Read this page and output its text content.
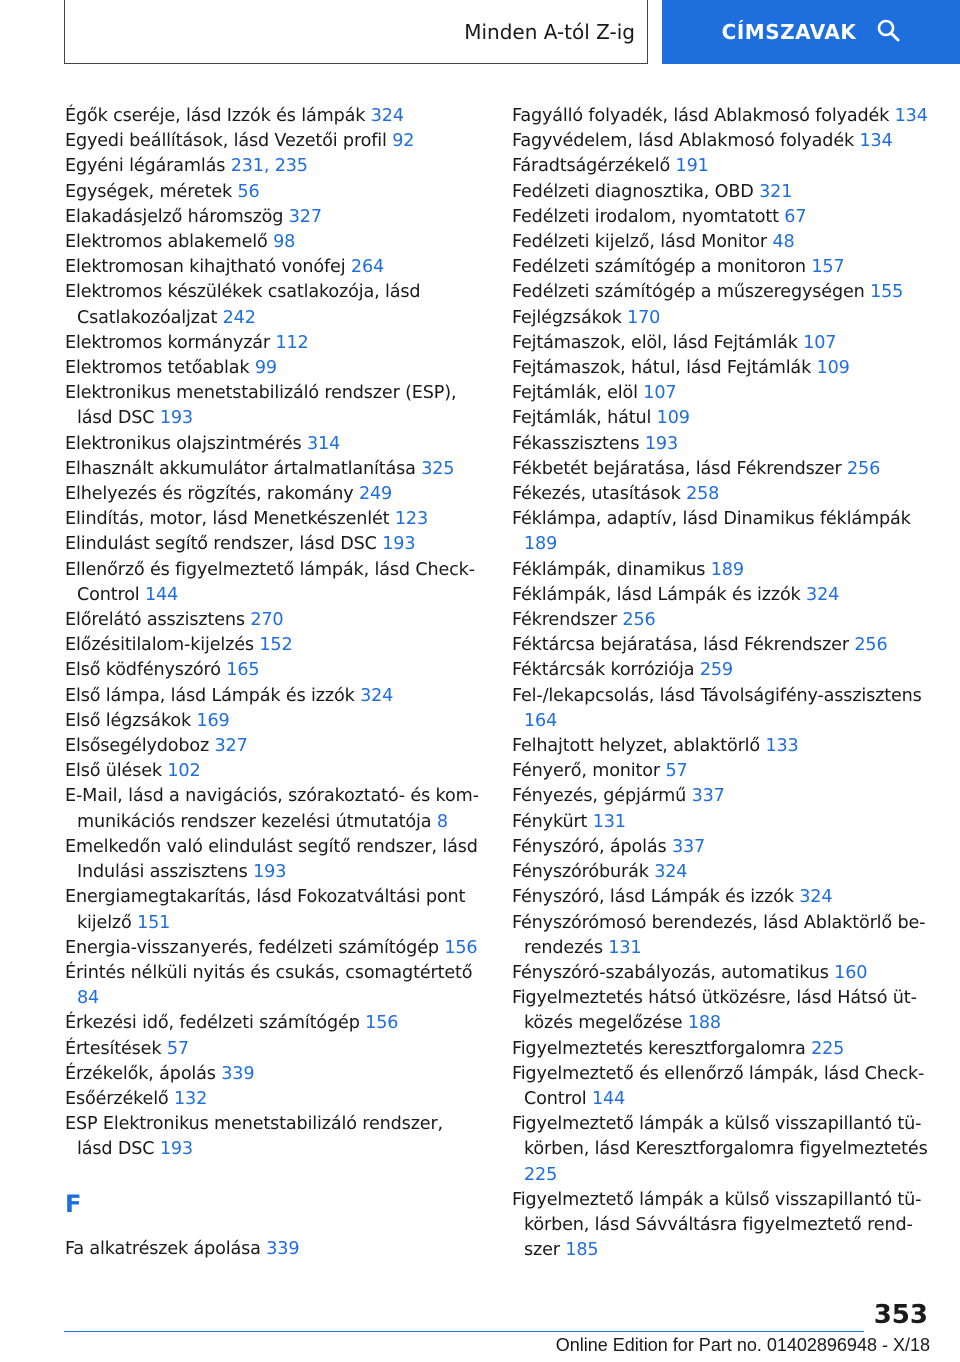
Minden A-tól Z-ig	CÍMSZAVAK
Égők cseréje, lásd Izzók és lámpák 324
Egyedi beállítások, lásd Vezetői profil 92
Egyéni légáramlás 231, 235
Egységek, méretek 56
Elakadásjelző háromszög 327
Elektromos ablakemelő 98
Elektromosan kihajtható vonófej 264
Elektromos készülékek csatlakozója, lásd Csatlakozóaljzat 242
Elektromos kormányzár 112
Elektromos tetőablak 99
Elektronikus menetstabilizáló rendszer (ESP), lásd DSC 193
Elektronikus olajszintmérés 314
Elhasznált akkumulátor ártalmatlanítása 325
Elhelyezés és rögzítés, rakomány 249
Elindítás, motor, lásd Menetkészenlét 123
Elindulást segítő rendszer, lásd DSC 193
Ellenőrző és figyelmeztető lámpák, lásd Check-Control 144
Előrelátó asszisztens 270
Előzésitilalom-kijelzés 152
Első ködfényszóró 165
Első lámpa, lásd Lámpák és izzók 324
Első légzsákok 169
Elsősegélydoboz 327
Első ülések 102
E-Mail, lásd a navigációs, szórakoztató- és kommunikációs rendszer kezelési útmutatója 8
Emelkedőn való elindulást segítő rendszer, lásd Indulási asszisztens 193
Energiamegtakarítás, lásd Fokozatváltási pont kijelző 151
Energia-visszanyerés, fedélzeti számítógép 156
Érintés nélküli nyitás és csukás, csomagtértető 84
Érkezési idő, fedélzeti számítógép 156
Értesítések 57
Érzékelők, ápolás 339
Esőérzékelő 132
ESP Elektronikus menetstabilizáló rendszer, lásd DSC 193
F
Fa alkatrészek ápolása 339
Fagyálló folyadék, lásd Ablakmosó folyadék 134
Fagyvédelem, lásd Ablakmosó folyadék 134
Fáradtságérzékelő 191
Fedélzeti diagnosztika, OBD 321
Fedélzeti irodalom, nyomtatott 67
Fedélzeti kijelző, lásd Monitor 48
Fedélzeti számítógép a monitoron 157
Fedélzeti számítógép a műszeregységen 155
Fejlégzsákok 170
Fejtámaszok, elöl, lásd Fejtámlák 107
Fejtámaszok, hátul, lásd Fejtámlák 109
Fejtámlák, elöl 107
Fejtámlák, hátul 109
Fékasszisztens 193
Fékbetét bejáratása, lásd Fékrendszer 256
Fékezés, utasítások 258
Féklámpa, adaptív, lásd Dinamikus féklámpák 189
Féklámpák, dinamikus 189
Féklámpák, lásd Lámpák és izzók 324
Fékrendszer 256
Féktárcsa bejáratása, lásd Fékrendszer 256
Féktárcsák korróziója 259
Fel-/lekapcsolás, lásd Távolságifény-asszisztens 164
Felhajtott helyzet, ablaktörlő 133
Fényerő, monitor 57
Fényezés, gépjármű 337
Fénykürt 131
Fényszóró, ápolás 337
Fényszóróburák 324
Fényszóró, lásd Lámpák és izzók 324
Fényszórómosó berendezés, lásd Ablaktörlő berendezés 131
Fényszóró-szabályozás, automatikus 160
Figyelmeztetés hátsó ütközésre, lásd Hátsó ütközés megelőzése 188
Figyelmeztetés keresztforgalomra 225
Figyelmeztető és ellenőrző lámpák, lásd Check-Control 144
Figyelmeztető lámpák a külső visszapillantó tükörben, lásd Keresztforgalomra figyelmeztetés 225
Figyelmeztető lámpák a külső visszapillantó tükörben, lásd Sávváltásra figyelmeztető rendszer 185
353
Online Edition for Part no. 01402896948 - X/18
